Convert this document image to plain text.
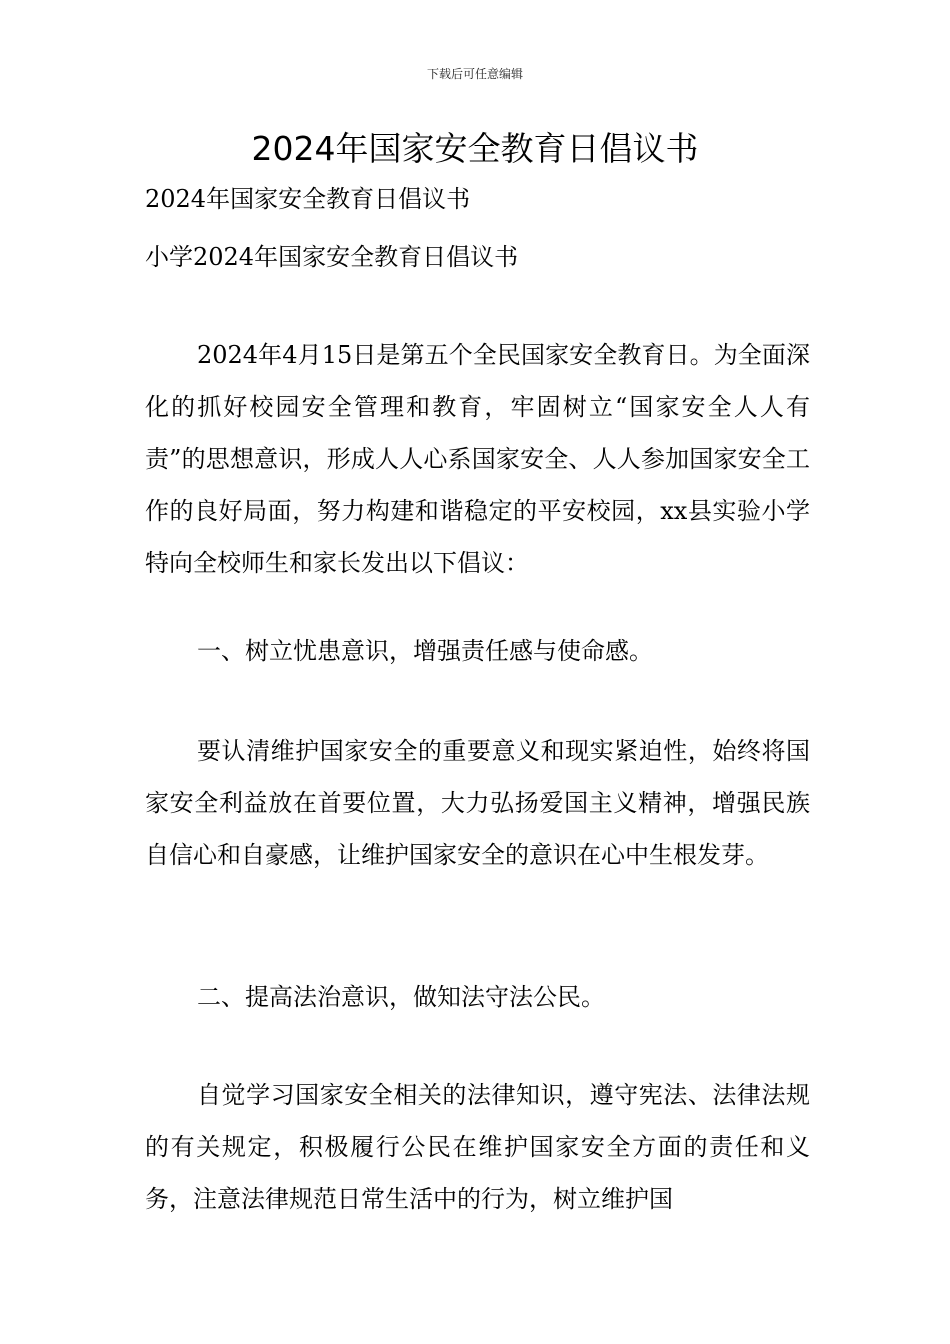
下载后可任意编辑
2024年国家安全教育日倡议书

2024年国家安全教育日倡议书

小学2024年国家安全教育日倡议书

2024年4月15日是第五个全民国家安全教育日。为全面深化的抓好校园安全管理和教育，牢固树立“国家安全人人有责”的思想意识，形成人人心系国家安全、人人参加国家安全工作的良好局面，努力构建和谐稳定的平安校园，xx县实验小学特向全校师生和家长发出以下倡议：

一、树立忧患意识，增强责任感与使命感。

要认清维护国家安全的重要意义和现实紧迫性，始终将国家安全利益放在首要位置，大力弘扬爱国主义精神，增强民族自信心和自豪感，让维护国家安全的意识在心中生根发芽。

二、提高法治意识，做知法守法公民。

自觉学习国家安全相关的法律知识，遵守宪法、法律法规的有关规定，积极履行公民在维护国家安全方面的责任和义务，注意法律规范日常生活中的行为，树立维护国
